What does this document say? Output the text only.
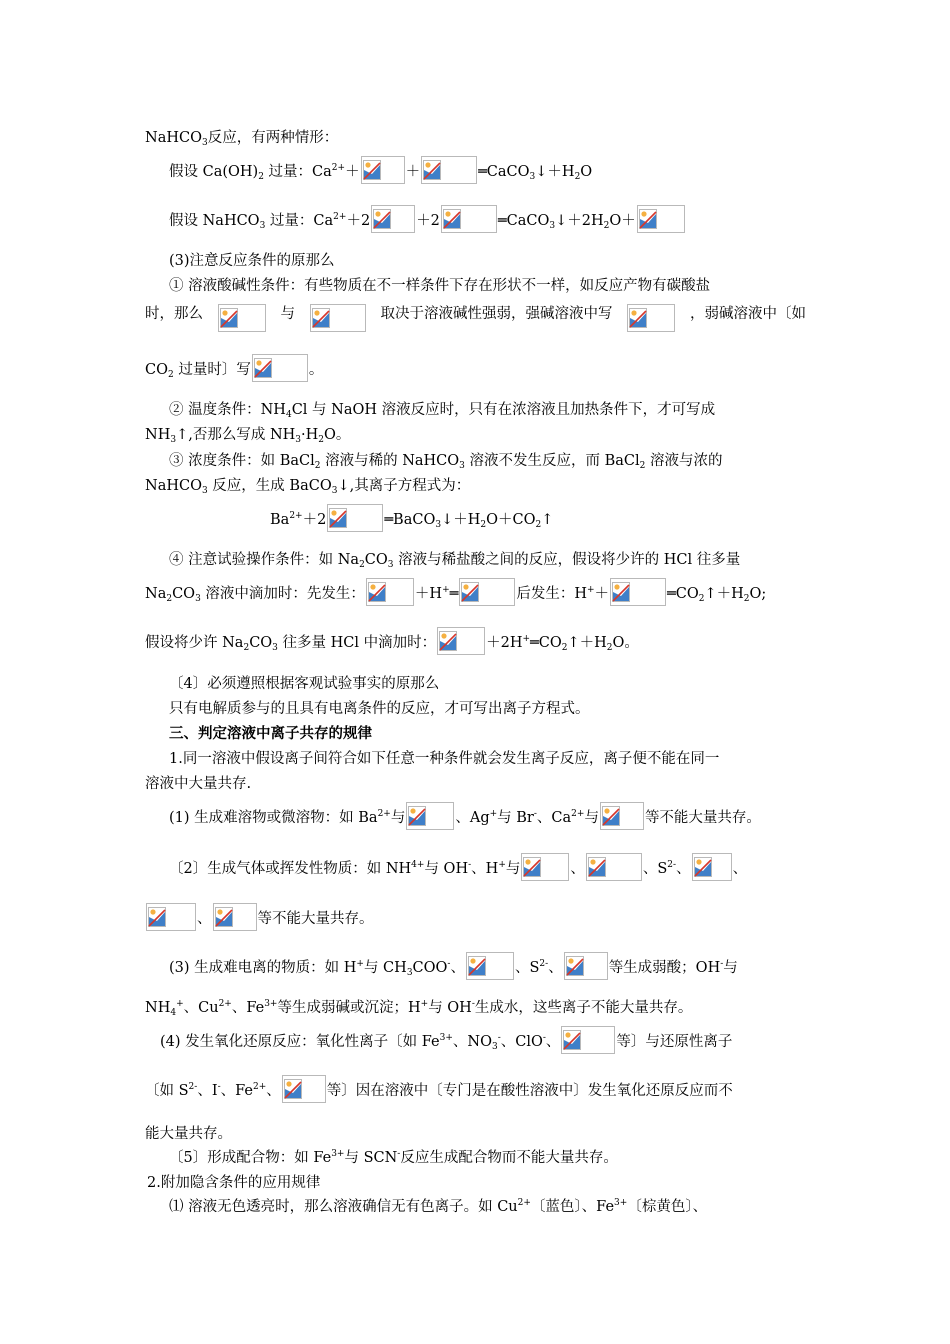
NaHCO$_3$反应，有两种情形：
假设 $Ca(OH)_2$ 过量：$Ca^{2+}+$	＋	$═CaCO_3↓+H_2O$
假设 NaHCO$_3$ 过量：$Ca^{2+}+2$	＋2	$═CaCO_3↓+2H_2O+$
(3)注意反应条件的原那么
① 溶液酸碱性条件：有些物质在不一样条件下存在形状不一样，如反应产物有碳酸盐
时，那么	与	取决于溶液碱性强弱，强碱溶液中写	，弱碱溶液中〔如
$CO_2$ 过量时〕写	。
② 温度条件：$NH_4Cl$ 与 NaOH 溶液反应时，只有在浓溶液且加热条件下，才可写成
$NH_3↑$,否那么写成 $NH_3\cdot H_2O$。
③ 浓度条件：如 BaCl$_2$ 溶液与稀的 NaHCO$_3$ 溶液不发生反应，而 BaCl$_2$ 溶液与浓的
NaHCO$_3$ 反应，生成 BaCO$_3$↓,其离子方程式为：
$Ba^{2+}+2$	$═BaCO_3↓+H_2O+CO_2↑$
④ 注意试验操作条件：如 $Na_2CO_3$ 溶液与稀盐酸之间的反应，假设将少许的 HCl 往多量
$Na_2CO_3$ 溶液中滴加时：先发生：	＋H+═	后发生：H+＋	$═CO_2↑+H_2O$;
假设将少许 $Na_2CO_3$ 往多量 HCl 中滴加时：	$+2H^+═CO_2↑+H_2O$。
〔4〕必须遵照根据客观试验事实的原那么
只有电解质参与的且具有电离条件的反应，才可写出离子方程式。
三、判定溶液中离子共存的规律
1.同一溶液中假设离子间符合如下任意一种条件就会发生离子反应，离子便不能在同一
溶液中大量共存.
(1) 生成难溶物或微溶物：如 $Ba^{2+}$与	、Ag+与 Br-、$Ca^{2+}$与	等不能大量共存。
〔2〕生成气体或挥发性物质：如 $NH^{4+}$与 OH-、H+与	、	、$S^{2-}$、	、
、	等不能大量共存。
(3) 生成难电离的物质：如 H+与 $CH_3COO^-$、	、$S^{2-}$、	等生成弱酸；OH-与
$NH_4^+$、$Cu^{2+}$、$Fe^{3+}$等生成弱碱或沉淀；H+与 OH-生成水，这些离子不能大量共存。
(4) 发生氧化还原反应：氧化性离子〔如 $Fe^{3+}$、$NO_3^-$、ClO-、	等〕与还原性离子
〔如 $S^{2-}$、I-、$Fe^{2+}$、	等〕因在溶液中〔专门是在酸性溶液中〕发生氧化还原反应而不
能大量共存。
〔5〕形成配合物：如 $Fe^{3+}$与 SCN-反应生成配合物而不能大量共存。
2.附加隐含条件的应用规律
⑴ 溶液无色透亮时，那么溶液确信无有色离子。如 $Cu^{2+}$〔蓝色〕、$Fe^{3+}$〔棕黄色〕、
